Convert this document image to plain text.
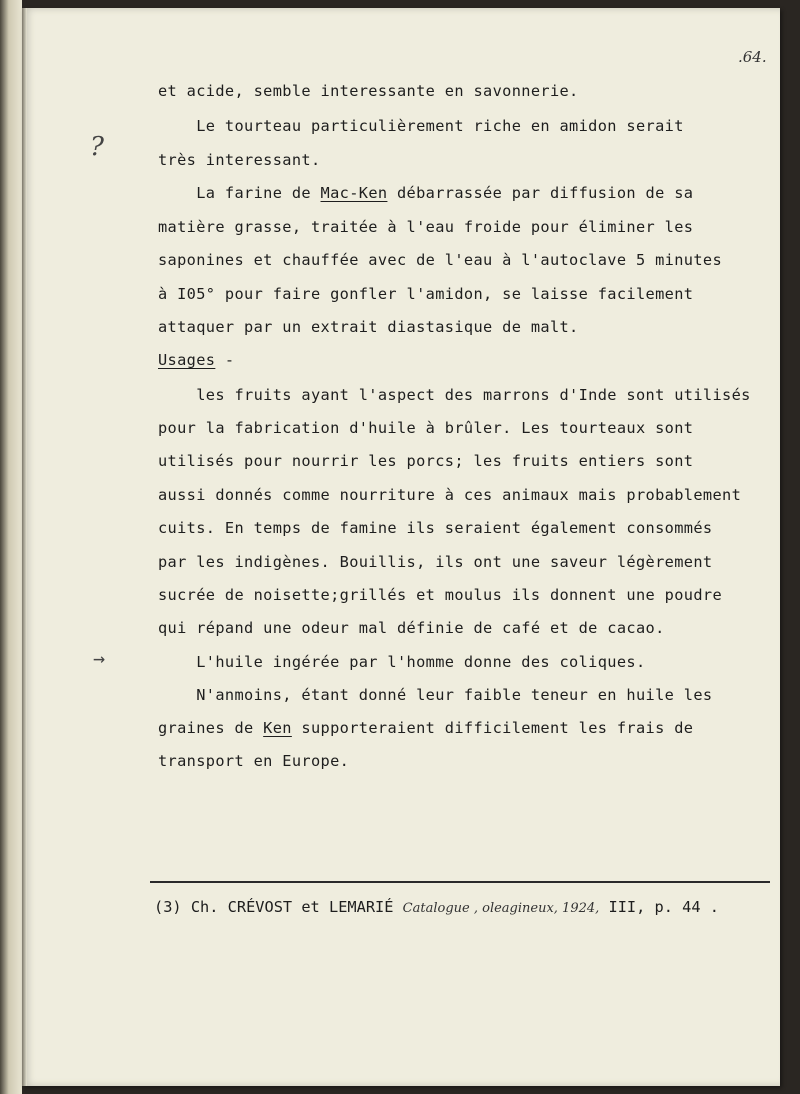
.64.
?
→
et acide, semble interessante en savonnerie.
Le tourteau particulièrement riche en amidon serait
très interessant.
La farine de Mac-Ken débarrassée par diffusion de sa
matière grasse, traitée à l'eau froide pour éliminer les
saponines et chauffée avec de l'eau à l'autoclave 5 minutes
à I05° pour faire gonfler l'amidon, se laisse facilement
attaquer par un extrait diastasique de malt.
Usages -
les fruits ayant l'aspect des marrons d'Inde sont utilisés
pour la fabrication d'huile à brûler. Les tourteaux sont
utilisés pour nourrir les porcs; les fruits entiers sont
aussi donnés comme nourriture à ces animaux mais probablement
cuits. En temps de famine ils seraient également consommés
par les indigènes. Bouillis, ils ont une saveur légèrement
sucrée de noisette;grillés et moulus ils donnent une poudre
qui répand une odeur mal définie de café et de cacao.
L'huile ingérée par l'homme donne des coliques.
N'anmoins, étant donné leur faible teneur en huile les
graines de Ken supporteraient difficilement les frais de
transport en Europe.
(3) Ch. CRÉVOST et LEMARIÉ Catalogue , oleagineux, 1924, III, p. 44 .
